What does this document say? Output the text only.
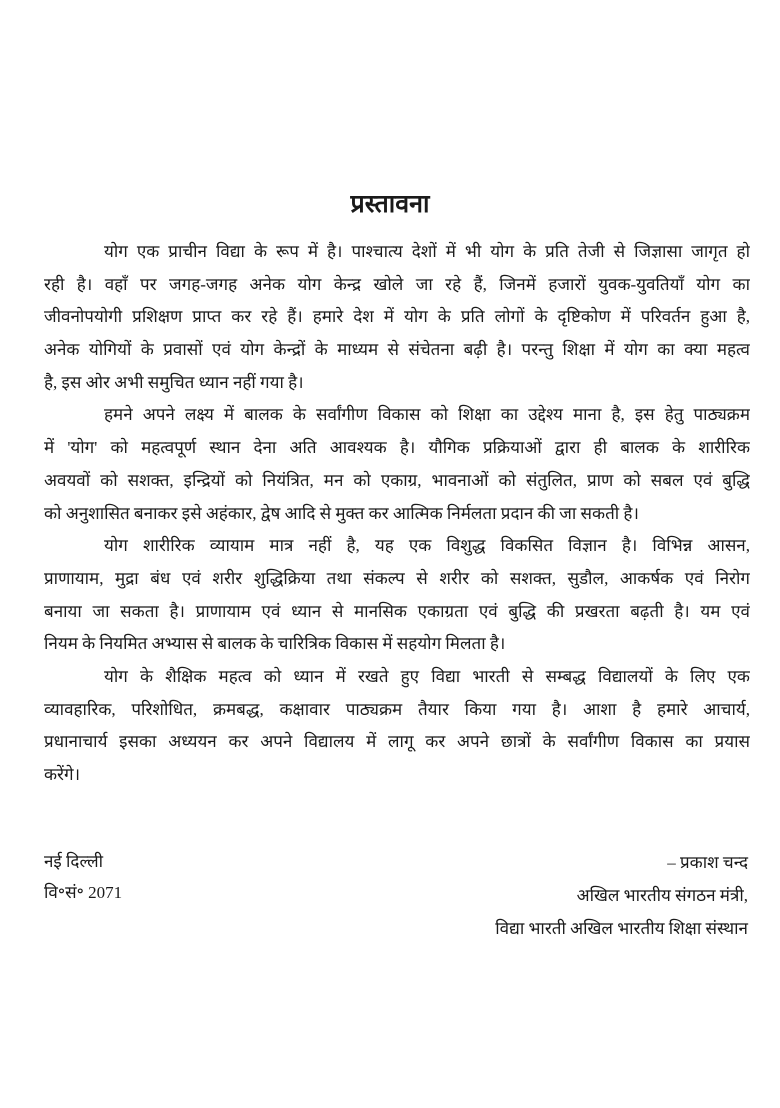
प्रस्तावना
योग एक प्राचीन विद्या के रूप में है। पाश्चात्य देशों में भी योग के प्रति तेजी से जिज्ञासा जागृत हो
रही है। वहाँ पर जगह-जगह अनेक योग केन्द्र खोले जा रहे हैं, जिनमें हजारों युवक-युवतियाँ योग का
जीवनोपयोगी प्रशिक्षण प्राप्त कर रहे हैं। हमारे देश में योग के प्रति लोगों के दृष्टिकोण में परिवर्तन हुआ है,
अनेक योगियों के प्रवासों एवं योग केन्द्रों के माध्यम से संचेतना बढ़ी है। परन्तु शिक्षा में योग का क्या महत्व
है, इस ओर अभी समुचित ध्यान नहीं गया है।
हमने अपने लक्ष्य में बालक के सर्वांगीण विकास को शिक्षा का उद्देश्य माना है, इस हेतु पाठ्यक्रम
में 'योग' को महत्वपूर्ण स्थान देना अति आवश्यक है। यौगिक प्रक्रियाओं द्वारा ही बालक के शारीरिक
अवयवों को सशक्त, इन्द्रियों को नियंत्रित, मन को एकाग्र, भावनाओं को संतुलित, प्राण को सबल एवं बुद्धि
को अनुशासित बनाकर इसे अहंकार, द्वेष आदि से मुक्त कर आत्मिक निर्मलता प्रदान की जा सकती है।
योग शारीरिक व्यायाम मात्र नहीं है, यह एक विशुद्ध विकसित विज्ञान है। विभिन्न आसन,
प्राणायाम, मुद्रा बंध एवं शरीर शुद्धिक्रिया तथा संकल्प से शरीर को सशक्त, सुडौल, आकर्षक एवं निरोग
बनाया जा सकता है। प्राणायाम एवं ध्यान से मानसिक एकाग्रता एवं बुद्धि की प्रखरता बढ़ती है। यम एवं
नियम के नियमित अभ्यास से बालक के चारित्रिक विकास में सहयोग मिलता है।
योग के शैक्षिक महत्व को ध्यान में रखते हुए विद्या भारती से सम्बद्ध विद्यालयों के लिए एक
व्यावहारिक, परिशोधित, क्रमबद्ध, कक्षावार पाठ्यक्रम तैयार किया गया है। आशा है हमारे आचार्य,
प्रधानाचार्य इसका अध्ययन कर अपने विद्यालय में लागू कर अपने छात्रों के सर्वांगीण विकास का प्रयास
करेंगे।
नई दिल्ली
वि॰सं॰ 2071
– प्रकाश चन्द
अखिल भारतीय संगठन मंत्री,
विद्या भारती अखिल भारतीय शिक्षा संस्थान
